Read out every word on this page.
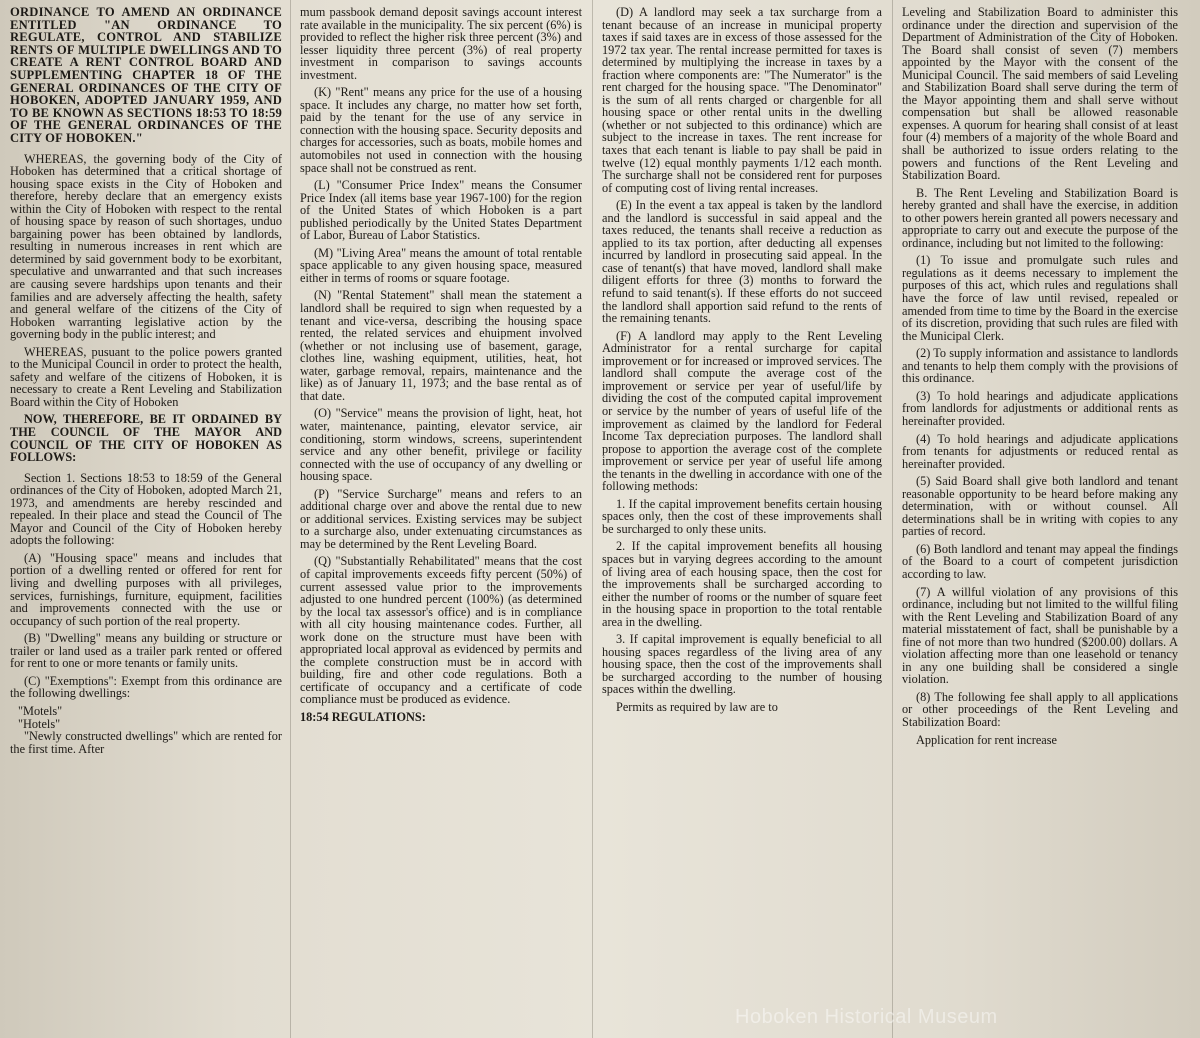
ORDINANCE TO AMEND AN ORDINANCE ENTITLED "AN ORDINANCE TO REGULATE, CONTROL AND STABILIZE RENTS OF MULTIPLE DWELLINGS AND TO CREATE A RENT CONTROL BOARD AND SUPPLEMENTING CHAPTER 18 OF THE GENERAL ORDINANCES OF THE CITY OF HOBOKEN, ADOPTED JANUARY 1959, AND TO BE KNOWN AS SECTIONS 18:53 TO 18:59 OF THE GENERAL ORDINANCES OF THE CITY OF HOBOKEN."

WHEREAS, the governing body of the City of Hoboken has determined that a critical shortage of housing space exists in the City of Hoboken and therefore, hereby declare that an emergency exists within the City of Hoboken with respect to the rental of housing space by reason of such shortages, unduo bargaining power has been obtained by landlords, resulting in numerous increases in rent which are determined by said government body to be exorbitant, speculative and unwarranted and that such increases are causing severe hardships upon tenants and their families and are adversely affecting the health, safety and general welfare of the citizens of the City of Hoboken warranting legislative action by the governing body in the public interest; and

WHEREAS, pusuant to the police powers granted to the Municipal Council in order to protect the health, safety and welfare of the citizens of Hoboken, it is necessary to create a Rent Leveling and Stabilization Board within the City of Hoboken

NOW, THEREFORE, BE IT ORDAINED BY THE COUNCIL OF THE MAYOR AND COUNCIL OF THE CITY OF HOBOKEN AS FOLLOWS:

Section 1. Sections 18:53 to 18:59 of the General ordinances of the City of Hoboken, adopted March 21, 1973, and amendments are hereby rescinded and repealed. In their place and stead the Council of The Mayor and Council of the City of Hoboken hereby adopts the following:

(A) "Housing space" means and includes that portion of a dwelling rented or offered for rent for living and dwelling purposes with all privileges, services, furnishings, furniture, equipment, facilities and improvements connected with the use or occupancy of such portion of the real property.

(B) "Dwelling" means any building or structure or trailer or land used as a trailer park rented or offered for rent to one or more tenants or family units.

(C) "Exemptions": Exempt from this ordinance are the following dwellings:

"Motels"

"Hotels"

"Newly constructed dwellings" which are rented for the first time. After

mum passbook demand deposit savings account interest rate available in the municipality. The six percent (6%) is provided to reflect the higher risk three percent (3%) and lesser liquidity three percent (3%) of real property investment in comparison to savings accounts investment.

(K) "Rent" means any price for the use of a housing space. It includes any charge, no matter how set forth, paid by the tenant for the use of any service in connection with the housing space. Security deposits and charges for accessories, such as boats, mobile homes and automobiles not used in connection with the housing space shall not be construed as rent.

(L) "Consumer Price Index" means the Consumer Price Index (all items base year 1967-100) for the region of the United States of which Hoboken is a part published periodically by the United States Department of Labor, Bureau of Labor Statistics.

(M) "Living Area" means the amount of total rentable space applicable to any given housing space, measured either in terms of rooms or square footage.

(N) "Rental Statement" shall mean the statement a landlord shall be required to sign when requested by a tenant and vice-versa, describing the housing space rented, the related services and ehuipment involved (whether or not inclusing use of basement, garage, clothes line, washing equipment, utilities, heat, hot water, garbage removal, repairs, maintenance and the like) as of January 11, 1973; and the base rental as of that date.

(O) "Service" means the provision of light, heat, hot water, maintenance, painting, elevator service, air conditioning, storm windows, screens, superintendent service and any other benefit, privilege or facility connected with the use of occupancy of any dwelling or housing space.

(P) "Service Surcharge" means and refers to an additional charge over and above the rental due to new or additional services. Existing services may be subject to a surcharge also, under extenuating circumstances as may be determined by the Rent Leveling Board.

(Q) "Substantially Rehabilitated" means that the cost of capital improvements exceeds fifty percent (50%) of current assessed value prior to the improvements adjusted to one hundred percent (100%) (as determined by the local tax assessor's office) and is in compliance with all city housing maintenance codes. Further, all work done on the structure must have been with appropriated local approval as evidenced by permits and the complete construction must be in accord with building, fire and other code regulations. Both a certificate of occupancy and a certificate of code compliance must be produced as evidence.

18:54 REGULATIONS:

(D) A landlord may seek a tax surcharge from a tenant because of an increase in municipal property taxes if said taxes are in excess of those assessed for the 1972 tax year. The rental increase permitted for taxes is determined by multiplying the increase in taxes by a fraction where components are: "The Numerator" is the rent charged for the housing space. "The Denominator" is the sum of all rents charged or chargenble for all housing space or other rental units in the dwelling (whether or not subjected to this ordinance) which are subject to the increase in taxes. The rent increase for taxes that each tenant is liable to pay shall be paid in twelve (12) equal monthly payments 1/12 each month. The surcharge shall not be considered rent for purposes of computing cost of living rental increases.

(E) In the event a tax appeal is taken by the landlord and the landlord is successful in said appeal and the taxes reduced, the tenants shall receive a reduction as applied to its tax portion, after deducting all expenses incurred by landlord in prosecuting said appeal. In the case of tenant(s) that have moved, landlord shall make diligent efforts for three (3) months to forward the refund to said tenant(s). If these efforts do not succeed the landlord shall apportion said refund to the rents of the remaining tenants.

(F) A landlord may apply to the Rent Leveling Administrator for a rental surcharge for capital improvement or for increased or improved services. The landlord shall compute the average cost of the improvement or service per year of useful/life by dividing the cost of the computed capital improvement or service by the number of years of useful life of the improvement as claimed by the landlord for Federal Income Tax depreciation purposes. The landlord shall propose to apportion the average cost of the complete improvement or service per year of useful life among the tenants in the dwelling in accordance with one of the following methods:

1. If the capital improvement benefits certain housing spaces only, then the cost of these improvements shall be surcharged to only these units.

2. If the capital improvement benefits all housing spaces but in varying degrees according to the amount of living area of each housing space, then the cost for the improvements shall be surcharged according to either the number of rooms or the number of square feet in the housing space in proportion to the total rentable area in the dwelling.

3. If capital improvement is equally beneficial to all housing spaces regardless of the living area of any housing space, then the cost of the improvements shall be surcharged according to the number of housing spaces within the dwelling.

Permits as required by law are to

Leveling and Stabilization Board to administer this ordinance under the direction and supervision of the Department of Administration of the City of Hoboken. The Board shall consist of seven (7) members appointed by the Mayor with the consent of the Municipal Council. The said members of said Leveling and Stabilization Board shall serve during the term of the Mayor appointing them and shall serve without compensation but shall be allowed reasonable expenses. A quorum for hearing shall consist of at least four (4) members of a majority of the whole Board and shall be authorized to issue orders relating to the powers and functions of the Rent Leveling and Stabilization Board.

B. The Rent Leveling and Stabilization Board is hereby granted and shall have the exercise, in addition to other powers herein granted all powers necessary and appropriate to carry out and execute the purpose of the ordinance, including but not limited to the following:

(1) To issue and promulgate such rules and regulations as it deems necessary to implement the purposes of this act, which rules and regulations shall have the force of law until revised, repealed or amended from time to time by the Board in the exercise of its discretion, providing that such rules are filed with the Municipal Clerk.

(2) To supply information and assistance to landlords and tenants to help them comply with the provisions of this ordinance.

(3) To hold hearings and adjudicate applications from landlords for adjustments or additional rents as hereinafter provided.

(4) To hold hearings and adjudicate applications from tenants for adjustments or reduced rental as hereinafter provided.

(5) Said Board shall give both landlord and tenant reasonable opportunity to be heard before making any determination, with or without counsel. All determinations shall be in writing with copies to any parties of record.

(6) Both landlord and tenant may appeal the findings of the Board to a court of competent jurisdiction according to law.

(7) A willful violation of any provisions of this ordinance, including but not limited to the willful filing with the Rent Leveling and Stabilization Board of any material misstatement of fact, shall be punishable by a fine of not more than two hundred ($200.00) dollars. A violation affecting more than one leasehold or tenancy in any one building shall be considered a single violation.

(8) The following fee shall apply to all applications or other proceedings of the Rent Leveling and Stabilization Board:

Application for rent increase

Hoboken Historical Museum
